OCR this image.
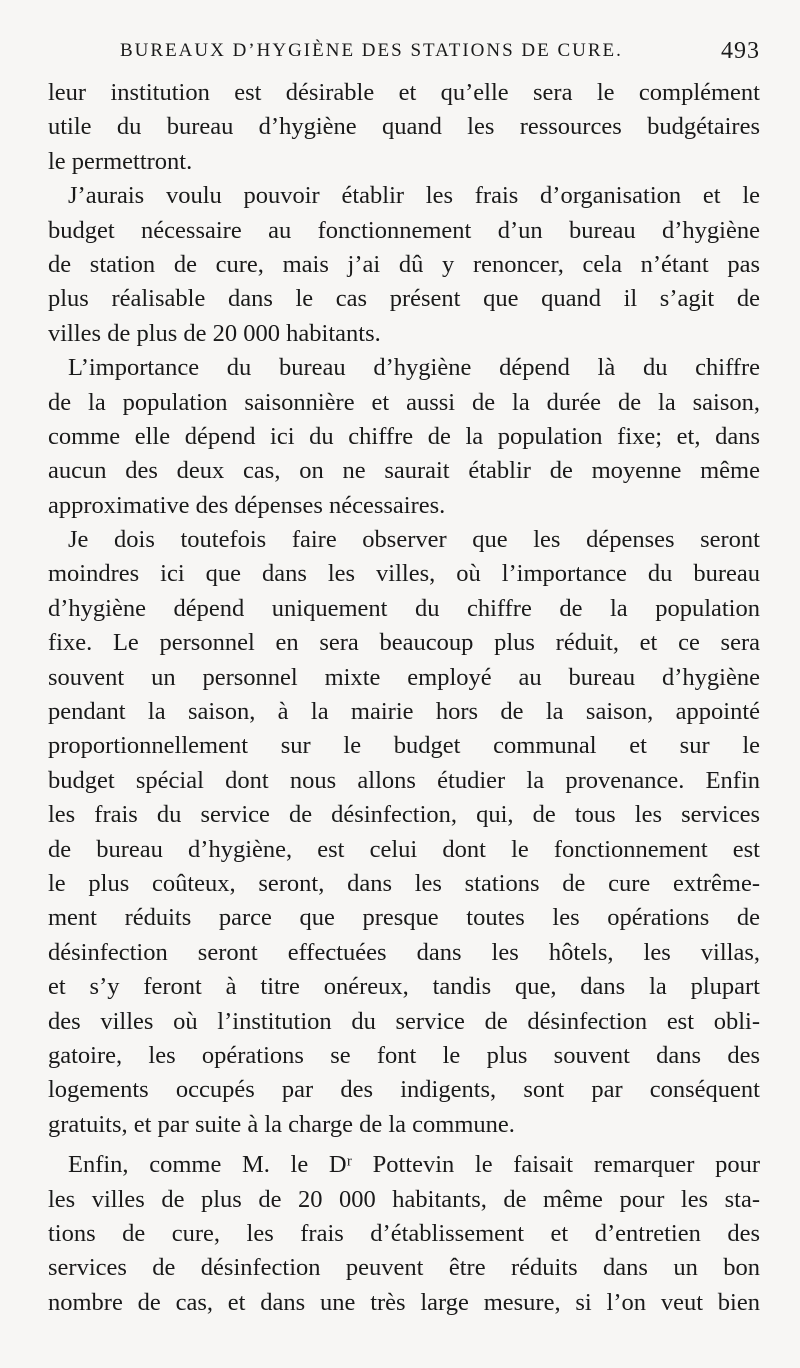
BUREAUX D’HYGIÈNE DES STATIONS DE CURE.	493
leur institution est désirable et qu’elle sera le complément
utile du bureau d’hygiène quand les ressources budgétaires
le permettront.
J’aurais voulu pouvoir établir les frais d’organisation et le
budget nécessaire au fonctionnement d’un bureau d’hygiène
de station de cure, mais j’ai dû y renoncer, cela n’étant pas
plus réalisable dans le cas présent que quand il s’agit de
villes de plus de 20 000 habitants.
L’importance du bureau d’hygiène dépend là du chiffre
de la population saisonnière et aussi de la durée de la saison,
comme elle dépend ici du chiffre de la population fixe; et, dans
aucun des deux cas, on ne saurait établir de moyenne même
approximative des dépenses nécessaires.
Je dois toutefois faire observer que les dépenses seront
moindres ici que dans les villes, où l’importance du bureau
d’hygiène dépend uniquement du chiffre de la population
fixe. Le personnel en sera beaucoup plus réduit, et ce sera
souvent un personnel mixte employé au bureau d’hygiène
pendant la saison, à la mairie hors de la saison, appointé
proportionnellement sur le budget communal et sur le
budget spécial dont nous allons étudier la provenance. Enfin
les frais du service de désinfection, qui, de tous les services
de bureau d’hygiène, est celui dont le fonctionnement est
le plus coûteux, seront, dans les stations de cure extrême-
ment réduits parce que presque toutes les opérations de
désinfection seront effectuées dans les hôtels, les villas,
et s’y feront à titre onéreux, tandis que, dans la plupart
des villes où l’institution du service de désinfection est obli-
gatoire, les opérations se font le plus souvent dans des
logements occupés par des indigents, sont par conséquent
gratuits, et par suite à la charge de la commune.
Enfin, comme M. le Dʳ Pottevin le faisait remarquer pour
les villes de plus de 20 000 habitants, de même pour les sta-
tions de cure, les frais d’établissement et d’entretien des
services de désinfection peuvent être réduits dans un bon
nombre de cas, et dans une très large mesure, si l’on veut bien
